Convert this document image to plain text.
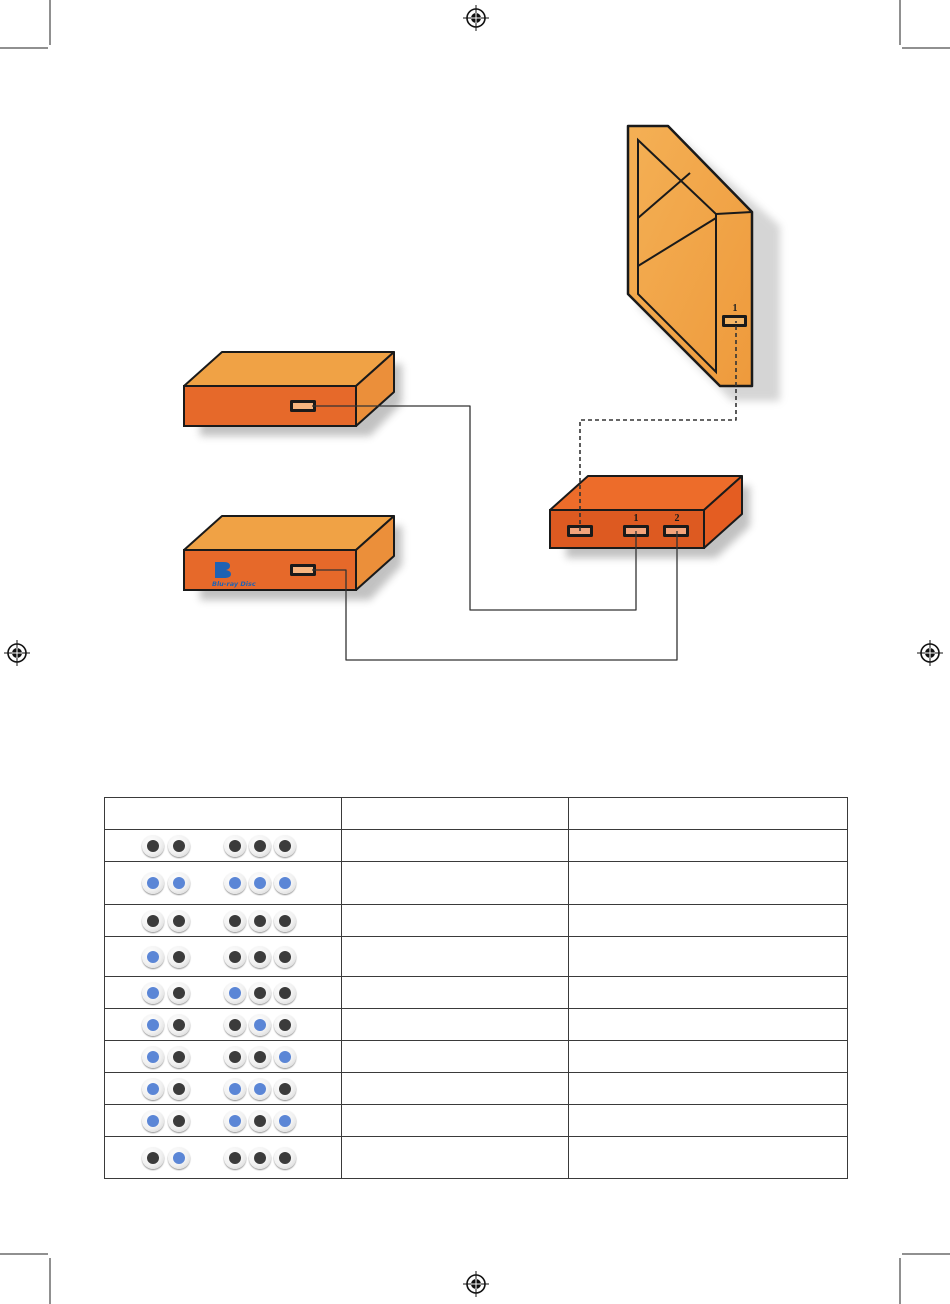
1
Blu-ray Disc
1	2
